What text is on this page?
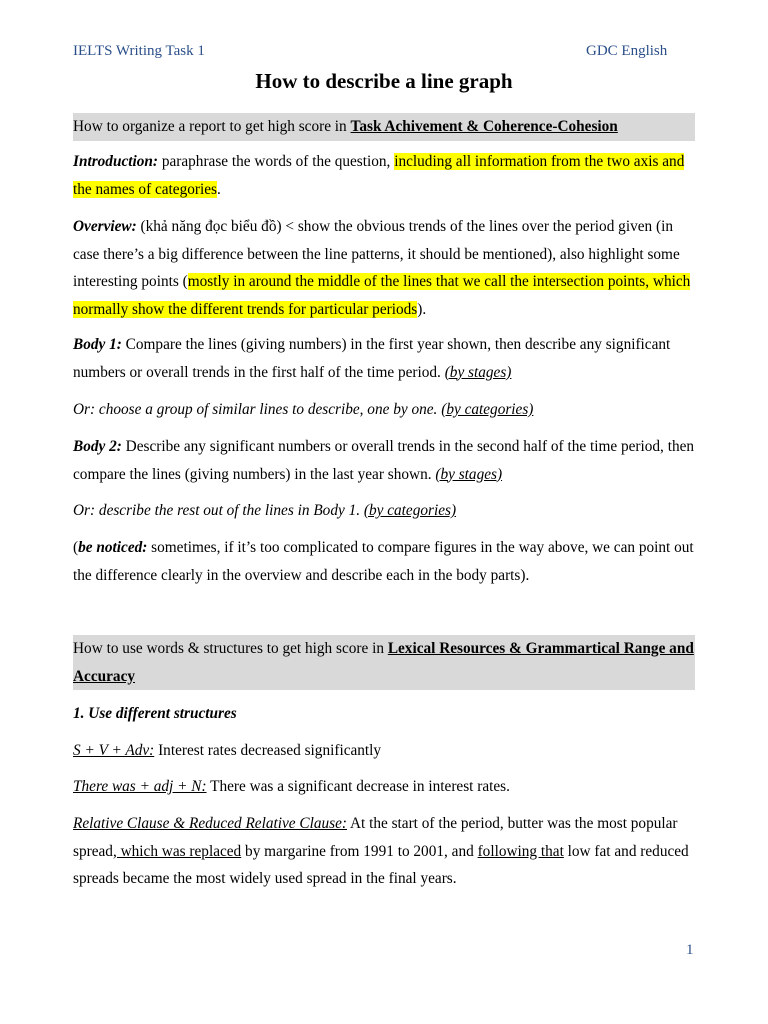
IELTS Writing Task 1	GDC English
How to describe a line graph

How to organize a report to get high score in Task Achivement & Coherence-Cohesion

Introduction: paraphrase the words of the question, including all information from the two axis and the names of categories.

Overview: (khả năng đọc biểu đồ) < show the obvious trends of the lines over the period given (in case there’s a big difference between the line patterns, it should be mentioned), also highlight some interesting points (mostly in around the middle of the lines that we call the intersection points, which normally show the different trends for particular periods).

Body 1: Compare the lines (giving numbers) in the first year shown, then describe any significant numbers or overall trends in the first half of the time period. (by stages)

Or: choose a group of similar lines to describe, one by one. (by categories)

Body 2: Describe any significant numbers or overall trends in the second half of the time period, then compare the lines (giving numbers) in the last year shown. (by stages)

Or: describe the rest out of the lines in Body 1. (by categories)

(be noticed: sometimes, if it’s too complicated to compare figures in the way above, we can point out the difference clearly in the overview and describe each in the body parts).

How to use words & structures to get high score in Lexical Resources & Grammartical Range and Accuracy

1. Use different structures

S + V + Adv: Interest rates decreased significantly

There was + adj + N: There was a significant decrease in interest rates.

Relative Clause & Reduced Relative Clause: At the start of the period, butter was the most popular spread, which was replaced by margarine from 1991 to 2001, and following that low fat and reduced spreads became the most widely used spread in the final years.

1
